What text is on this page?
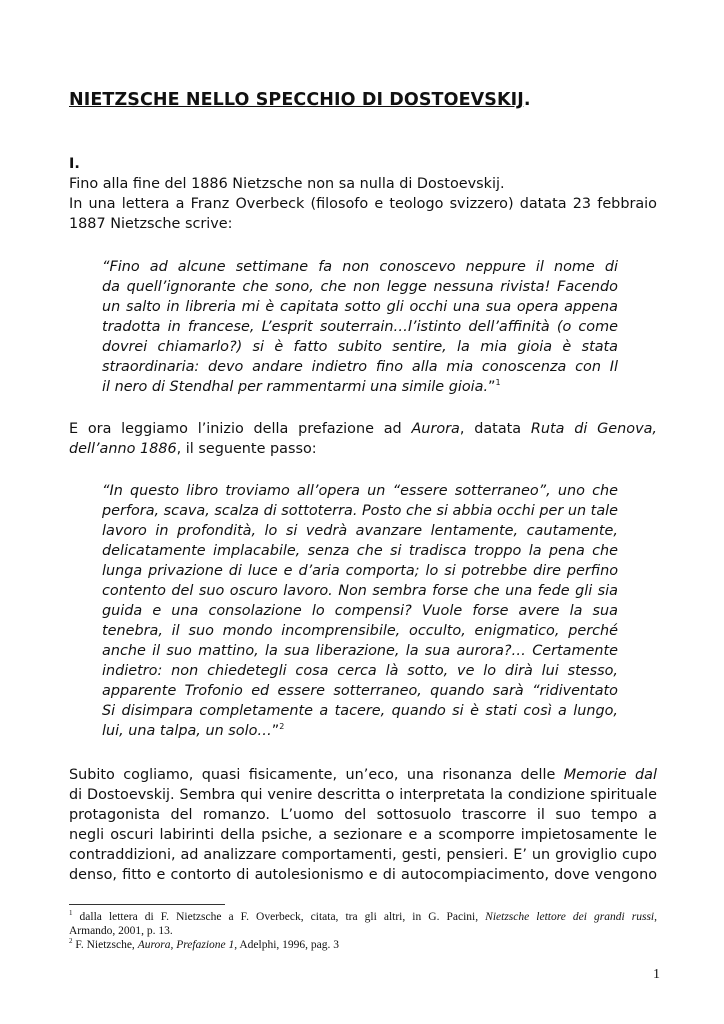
NIETZSCHE NELLO SPECCHIO DI DOSTOEVSKIJ.
I.
Fino alla fine del 1886 Nietzsche non sa nulla di Dostoevskij.
In una lettera a Franz Overbeck (filosofo e teologo svizzero) datata 23 febbraio
1887 Nietzsche scrive:
“Fino ad alcune settimane fa non conoscevo neppure il nome di
da quell’ignorante che sono, che non legge nessuna rivista! Facendo
un salto in libreria mi è capitata sotto gli occhi una sua opera appena
tradotta in francese, L’esprit souterrain…l’istinto dell’affinità (o come
dovrei chiamarlo?) si è fatto subito sentire, la mia gioia è stata
straordinaria: devo andare indietro fino alla mia conoscenza con Il
il nero di Stendhal per rammentarmi una simile gioia.”$^1$
E ora leggiamo l’inizio della prefazione ad Aurora, datata Ruta di Genova,
dell’anno 1886, il seguente passo:
“In questo libro troviamo all’opera un “essere sotterraneo”, uno che
perfora, scava, scalza di sottoterra. Posto che si abbia occhi per un tale
lavoro in profondità, lo si vedrà avanzare lentamente, cautamente,
delicatamente implacabile, senza che si tradisca troppo la pena che
lunga privazione di luce e d’aria comporta; lo si potrebbe dire perfino
contento del suo oscuro lavoro. Non sembra forse che una fede gli sia
guida e una consolazione lo compensi? Vuole forse avere la sua
tenebra, il suo mondo incomprensibile, occulto, enigmatico, perché
anche il suo mattino, la sua liberazione, la sua aurora?… Certamente
indietro: non chiedetegli cosa cerca là sotto, ve lo dirà lui stesso,
apparente Trofonio ed essere sotterraneo, quando sarà “ridiventato
Si disimpara completamente a tacere, quando si è stati così a lungo,
lui, una talpa, un solo…”$^2$
Subito cogliamo, quasi fisicamente, un’eco, una risonanza delle Memorie dal
di Dostoevskij. Sembra qui venire descritta o interpretata la condizione spirituale
protagonista del romanzo. L’uomo del sottosuolo trascorre il suo tempo a
negli oscuri labirinti della psiche, a sezionare e a scomporre impietosamente le
contraddizioni, ad analizzare comportamenti, gesti, pensieri. E’ un groviglio cupo
denso, fitto e contorto di autolesionismo e di autocompiacimento, dove vengono
$^1$ dalla lettera di F. Nietzsche a F. Overbeck, citata, tra gli altri, in G. Pacini, Nietzsche lettore dei grandi russi,
Armando, 2001, p. 13.
$^2$ F. Nietzsche, Aurora, Prefazione 1, Adelphi, 1996, pag. 3
1
